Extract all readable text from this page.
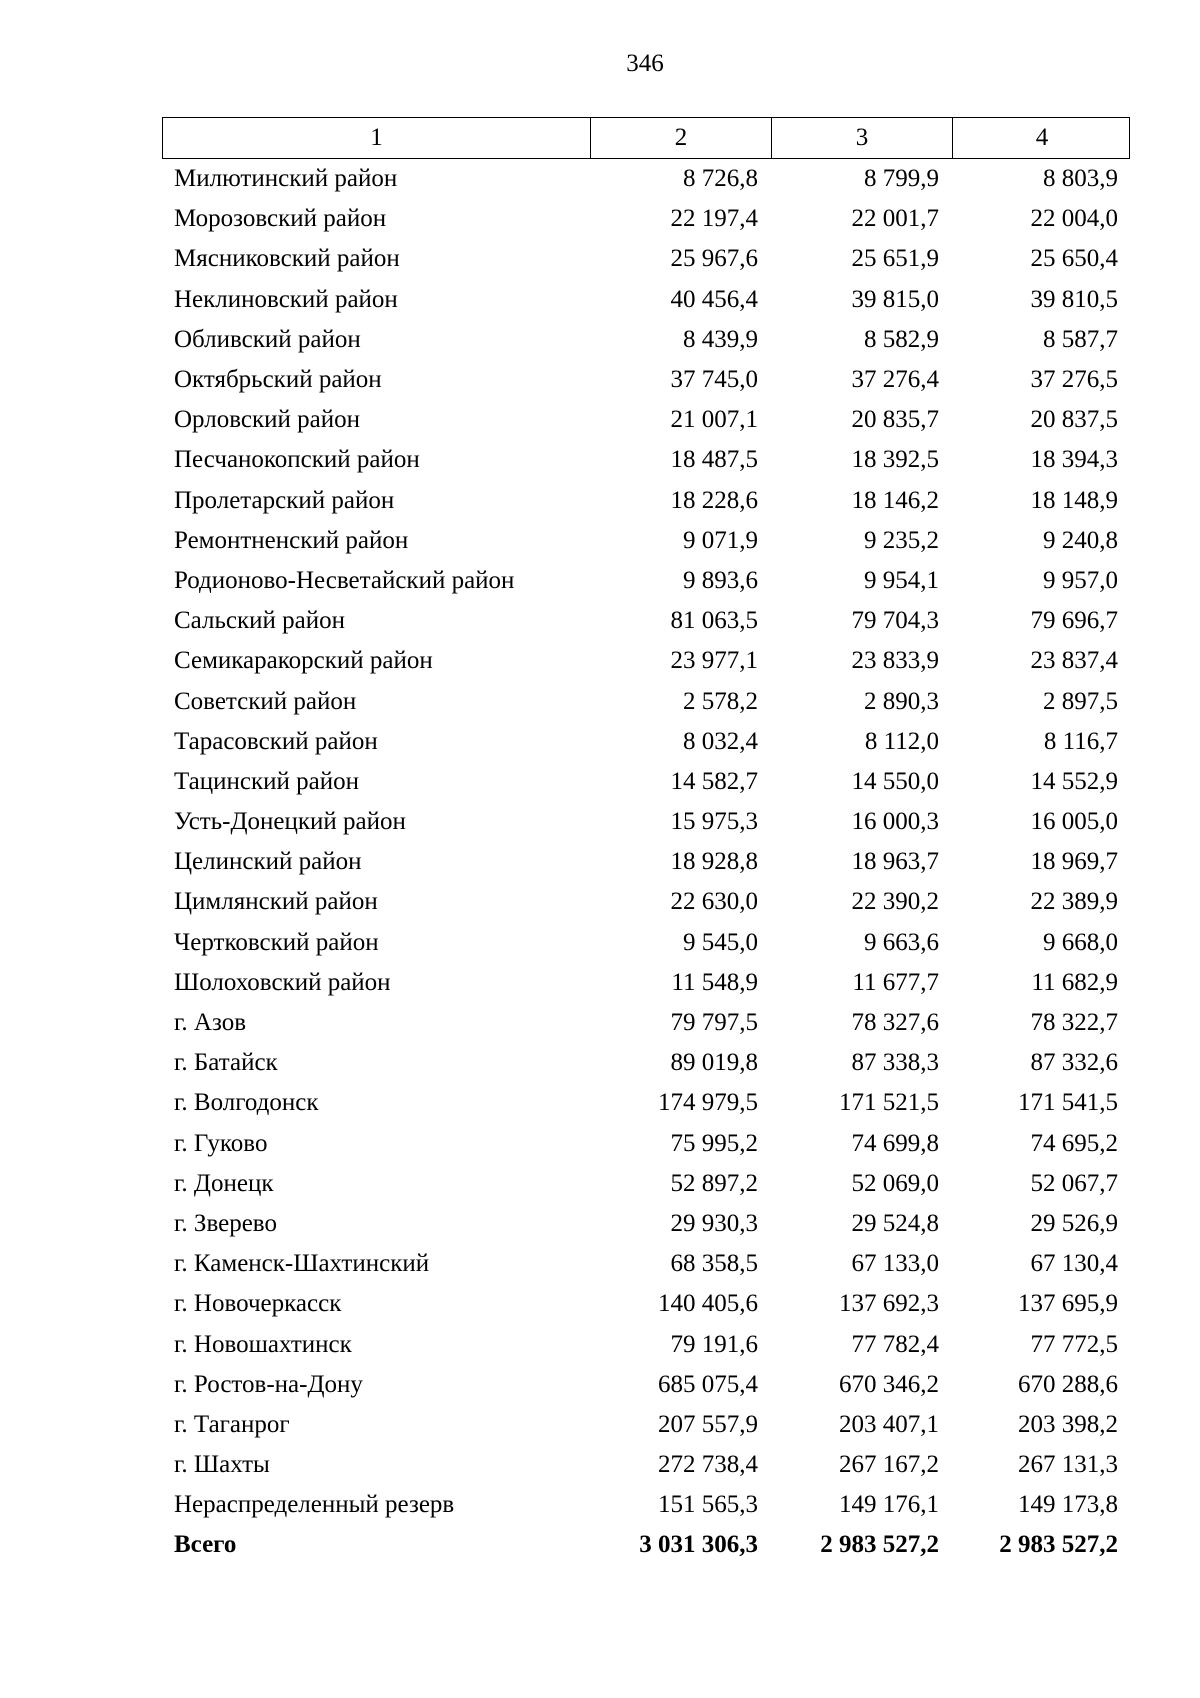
346
1	2	3	4
Милютинский район	8 726,8	8 799,9	8 803,9
Морозовский район	22 197,4	22 001,7	22 004,0
Мясниковский район	25 967,6	25 651,9	25 650,4
Неклиновский район	40 456,4	39 815,0	39 810,5
Обливский район	8 439,9	8 582,9	8 587,7
Октябрьский район	37 745,0	37 276,4	37 276,5
Орловский район	21 007,1	20 835,7	20 837,5
Песчанокопский район	18 487,5	18 392,5	18 394,3
Пролетарский район	18 228,6	18 146,2	18 148,9
Ремонтненский район	9 071,9	9 235,2	9 240,8
Родионово-Несветайский район	9 893,6	9 954,1	9 957,0
Сальский район	81 063,5	79 704,3	79 696,7
Семикаракорский район	23 977,1	23 833,9	23 837,4
Советский район	2 578,2	2 890,3	2 897,5
Тарасовский район	8 032,4	8 112,0	8 116,7
Тацинский район	14 582,7	14 550,0	14 552,9
Усть-Донецкий район	15 975,3	16 000,3	16 005,0
Целинский район	18 928,8	18 963,7	18 969,7
Цимлянский район	22 630,0	22 390,2	22 389,9
Чертковский район	9 545,0	9 663,6	9 668,0
Шолоховский район	11 548,9	11 677,7	11 682,9
г. Азов	79 797,5	78 327,6	78 322,7
г. Батайск	89 019,8	87 338,3	87 332,6
г. Волгодонск	174 979,5	171 521,5	171 541,5
г. Гуково	75 995,2	74 699,8	74 695,2
г. Донецк	52 897,2	52 069,0	52 067,7
г. Зверево	29 930,3	29 524,8	29 526,9
г. Каменск-Шахтинский	68 358,5	67 133,0	67 130,4
г. Новочеркасск	140 405,6	137 692,3	137 695,9
г. Новошахтинск	79 191,6	77 782,4	77 772,5
г. Ростов-на-Дону	685 075,4	670 346,2	670 288,6
г. Таганрог	207 557,9	203 407,1	203 398,2
г. Шахты	272 738,4	267 167,2	267 131,3
Нераспределенный резерв	151 565,3	149 176,1	149 173,8
Всего	3 031 306,3	2 983 527,2	2 983 527,2
